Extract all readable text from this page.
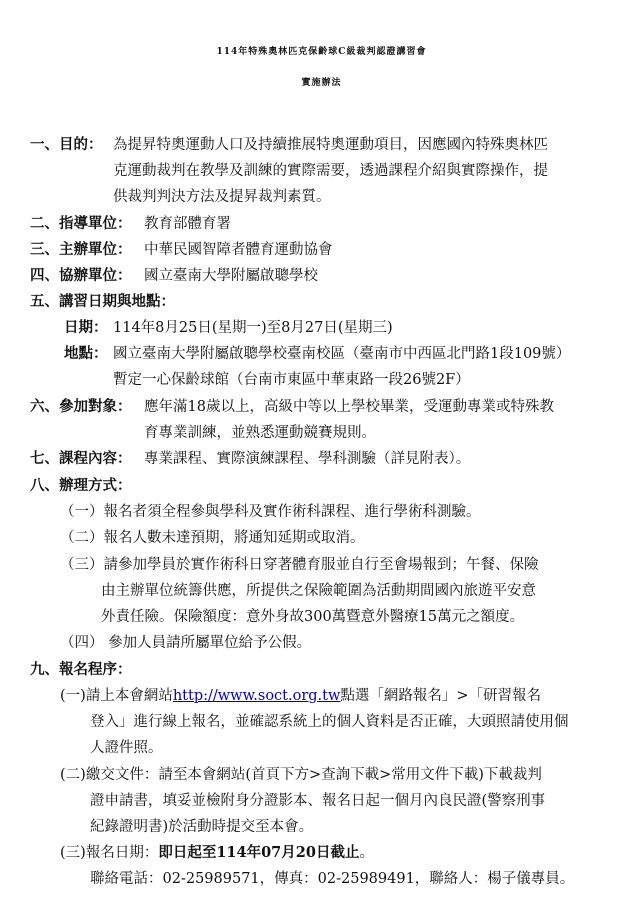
114年特殊奧林匹克保齡球C級裁判認證講習會
實施辦法
一、目的： 為提昇特奧運動人口及持續推展特奧運動項目，因應國內特殊奧林匹
克運動裁判在教學及訓練的實際需要，透過課程介紹與實際操作，提
供裁判判決方法及提昇裁判素質。
二、指導單位： 教育部體育署
三、主辦單位： 中華民國智障者體育運動協會
四、協辦單位： 國立臺南大學附屬啟聰學校
五、講習日期與地點：
日期： 114年8月25日(星期一)至8月27日(星期三)
地點： 國立臺南大學附屬啟聰學校臺南校區（臺南市中西區北門路1段109號）
暫定一心保齡球館（台南市東區中華東路一段26號2F）
六、參加對象： 應年滿18歲以上，高級中等以上學校畢業，受運動專業或特殊教
育專業訓練，並熟悉運動競賽規則。
七、課程內容： 專業課程、實際演練課程、學科測驗（詳見附表）。
八、辦理方式：
（一）報名者須全程參與學科及實作術科課程、進行學術科測驗。
（二）報名人數未達預期，將通知延期或取消。
（三）請參加學員於實作術科日穿著體育服並自行至會場報到；午餐、保險
由主辦單位統籌供應，所提供之保險範圍為活動期間國內旅遊平安意
外責任險。保險額度：意外身故300萬暨意外醫療15萬元之額度。
（四） 參加人員請所屬單位給予公假。
九、報名程序：
(一)請上本會網站http://www.soct.org.tw點選「網路報名」>「研習報名
登入」進行線上報名，並確認系統上的個人資料是否正確，大頭照請使用個
人證件照。
(二)繳交文件：請至本會網站(首頁下方>查詢下載>常用文件下載)下載裁判
證申請書，填妥並檢附身分證影本、報名日起一個月內良民證(警察刑事
紀錄證明書)於活動時提交至本會。
(三)報名日期：即日起至114年07月20日截止。
聯絡電話：02-25989571，傳真：02-25989491，聯絡人：楊子儀專員。
